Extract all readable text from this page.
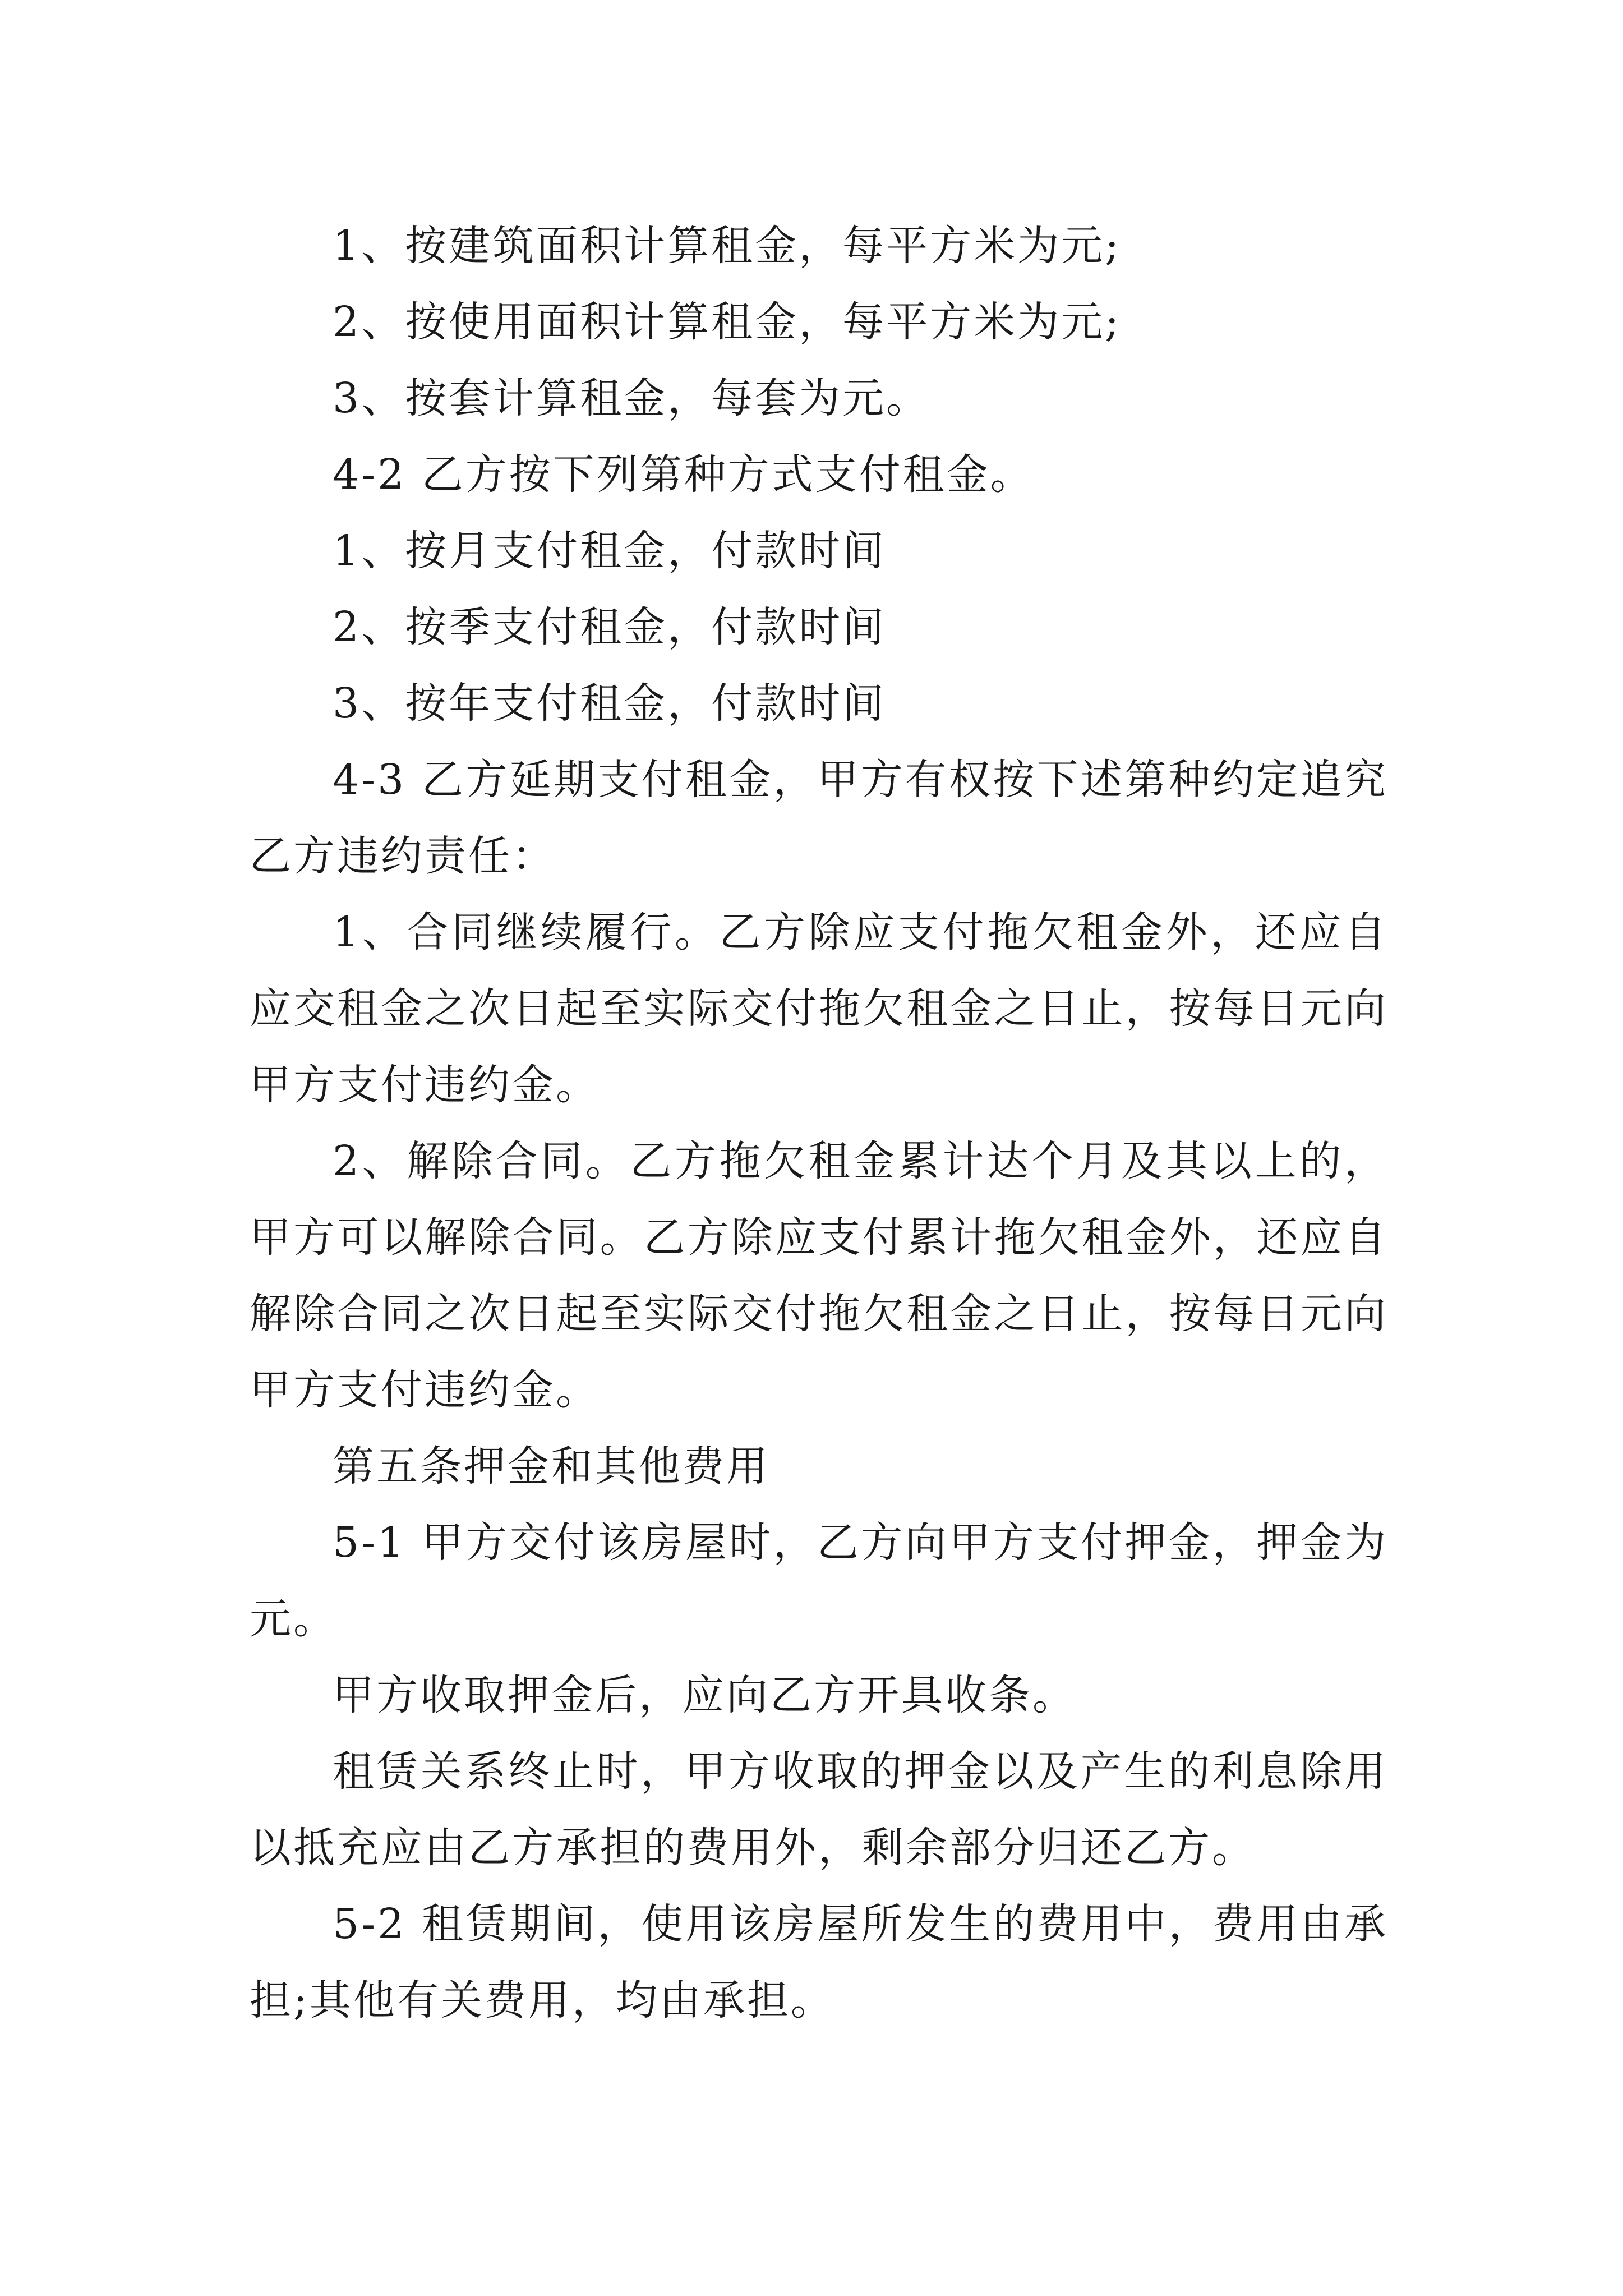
1、按建筑面积计算租金，每平方米为元;

2、按使用面积计算租金，每平方米为元;

3、按套计算租金，每套为元。

4-2 乙方按下列第种方式支付租金。

1、按月支付租金，付款时间

2、按季支付租金，付款时间

3、按年支付租金，付款时间

4-3 乙方延期支付租金，甲方有权按下述第种约定追究乙方违约责任：

1、合同继续履行。乙方除应支付拖欠租金外，还应自应交租金之次日起至实际交付拖欠租金之日止，按每日元向甲方支付违约金。

2、解除合同。乙方拖欠租金累计达个月及其以上的，甲方可以解除合同。乙方除应支付累计拖欠租金外，还应自解除合同之次日起至实际交付拖欠租金之日止，按每日元向甲方支付违约金。

第五条押金和其他费用

5-1 甲方交付该房屋时，乙方向甲方支付押金，押金为元。

甲方收取押金后，应向乙方开具收条。

租赁关系终止时，甲方收取的押金以及产生的利息除用以抵充应由乙方承担的费用外，剩余部分归还乙方。

5-2 租赁期间，使用该房屋所发生的费用中，费用由承担;其他有关费用，均由承担。
